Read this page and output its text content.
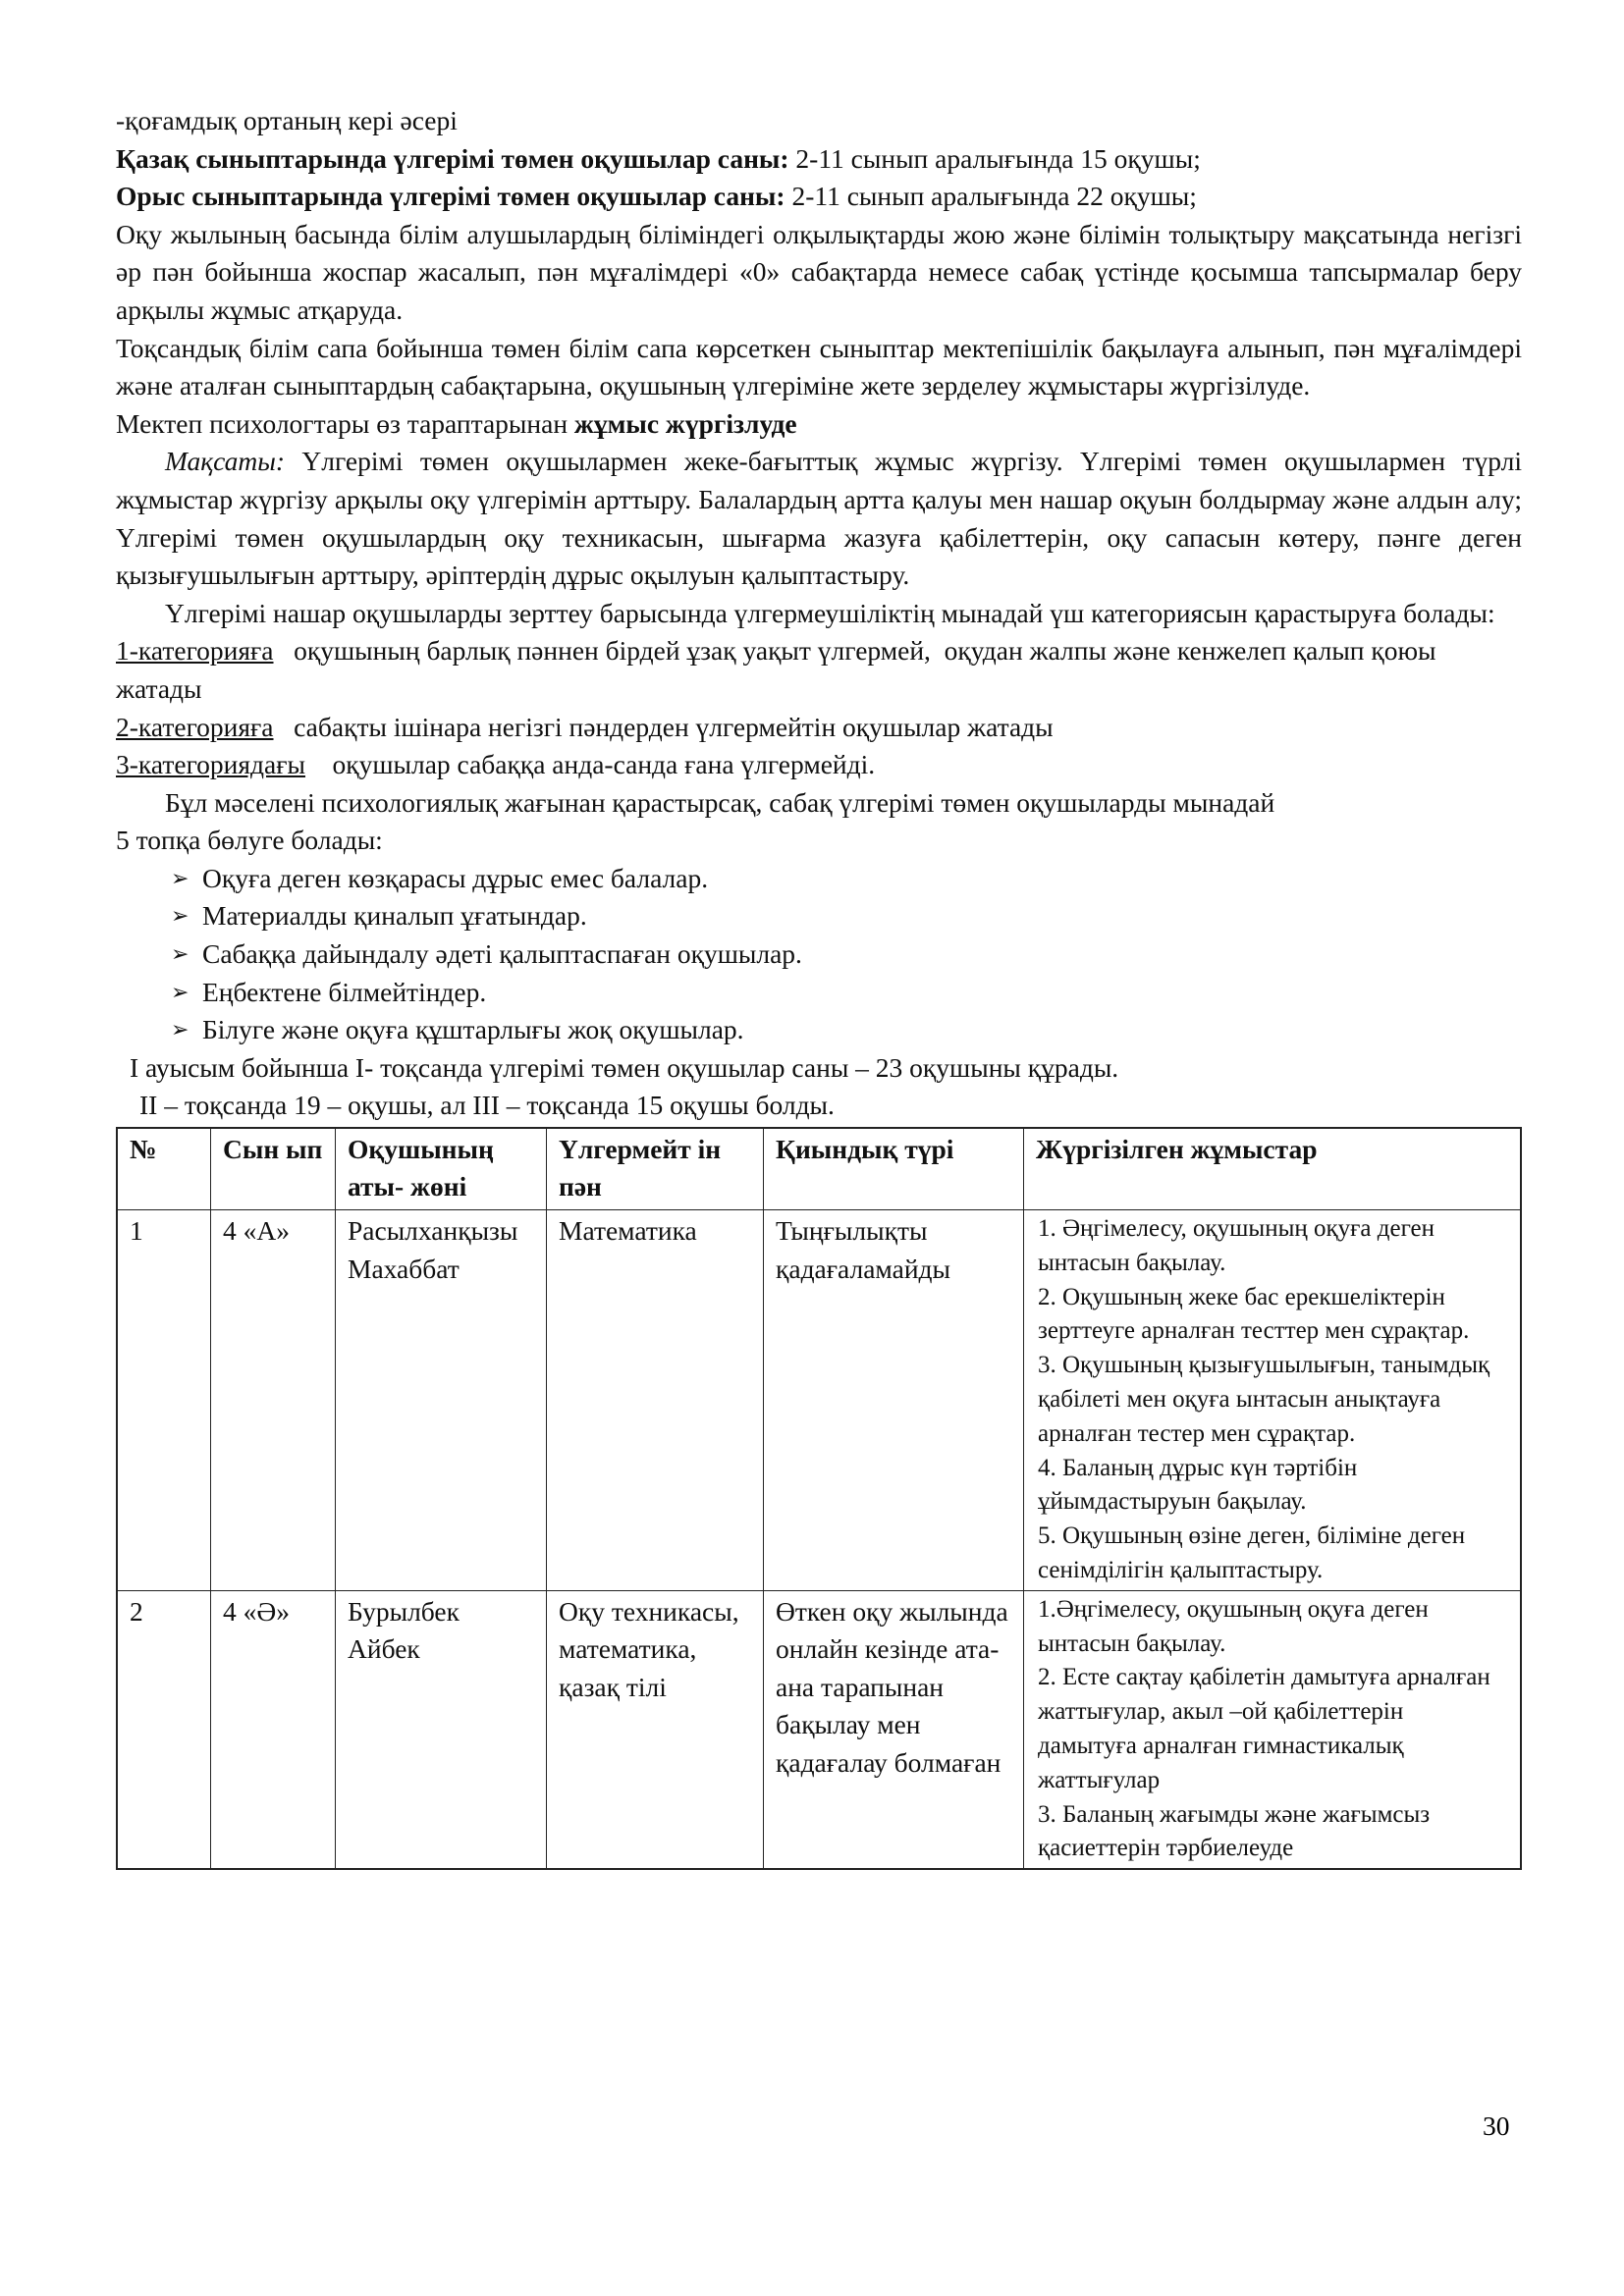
-қоғамдық ортаның кері әсері

Қазақ сыныптарында үлгерімі төмен оқушылар саны: 2-11 сынып аралығында 15 оқушы;

Орыс сыныптарында үлгерімі төмен оқушылар саны: 2-11 сынып аралығында 22 оқушы;

Оқу жылының басында білім алушылардың біліміндегі олқылықтарды жою және білімін толықтыру мақсатында негізгі әр пән бойынша жоспар жасалып, пән мұғалімдері «0» сабақтарда немесе сабақ үстінде қосымша тапсырмалар беру арқылы жұмыс атқаруда.

Тоқсандық білім сапа бойынша төмен білім сапа көрсеткен сыныптар мектепішілік бақылауға алынып, пән мұғалімдері және аталған сыныптардың сабақтарына, оқушының үлгеріміне жете зерделеу жұмыстары жүргізілуде.

Мектеп психологтары өз тараптарынан жұмыс жүргізлуде

Мақсаты: Үлгерімі төмен оқушылармен жеке-бағыттық жұмыс жүргізу. Үлгерімі төмен оқушылармен түрлі жұмыстар жүргізу арқылы оқу үлгерімін арттыру. Балалардың артта қалуы мен нашар оқуын болдырмау және алдын алу; Үлгерімі төмен оқушылардың оқу техникасын, шығарма жазуға қабілеттерін, оқу сапасын көтеру, пәнге деген қызығушылығын арттыру, әріптердің дұрыс оқылуын қалыптастыру.

Үлгерімі нашар оқушыларды зерттеу барысында үлгермеушіліктің мынадай үш категориясын қарастыруға болады:

1-категорияға   оқушының барлық пәннен бірдей ұзақ уақыт үлгермей,  оқудан жалпы және кенжелеп қалып қоюы жатады

2-категорияға   сабақты ішінара негізгі пәндерден үлгермейтін оқушылар жатады

3-категориядағы    оқушылар сабаққа анда-санда ғана үлгермейді.

Бұл мәселені психологиялық жағынан қарастырсақ, сабақ үлгерімі төмен оқушыларды мынадай

5 топқа бөлуге болады:

➢ Оқуға деген көзқарасы дұрыс емес балалар.
➢ Материалды қиналып ұғатындар.
➢ Сабаққа дайындалу әдеті қалыптаспаған оқушылар.
➢ Еңбектене білмейтіндер.
➢ Білуге және оқуға құштарлығы жоқ оқушылар.

І ауысым бойынша І- тоқсанда үлгерімі төмен оқушылар саны – 23 оқушыны құрады.

ІІ – тоқсанда 19 – оқушы, ал ІІІ – тоқсанда 15 оқушы болды.

№	Сын ып	Оқушының аты- жөні	Үлгермейт ін пән	Қиындық түрі	Жүргізілген жұмыстар
1	4 «А»	Расылханқызы Махаббат	Математика	Тыңғылықты қадағаламайды	1. Әңгімелесу, оқушының оқуға деген ынтасын бақылау.
2. Оқушының жеке бас ерекшеліктерін зерттеуге арналған тесттер мен сұрақтар.
3. Оқушының қызығушылығын, танымдық қабілеті мен оқуға ынтасын анықтауға арналған тестер мен сұрақтар.
4. Баланың дұрыс күн тәртібін ұйымдастыруын бақылау.
5. Оқушының өзіне деген, біліміне деген сенімділігін қалыптастыру.

2	4 «Ә»	Бурылбек Айбек	Оқу техникасы, математика, қазақ тілі	Өткен оқу жылында онлайн кезінде ата-ана тарапынан бақылау мен қадағалау болмаған	1.Әңгімелесу, оқушының оқуға деген ынтасын бақылау.
2. Есте сақтау қабілетін дамытуға арналған жаттығулар, акыл –ой қабілеттерін дамытуға арналған гимнастикалық жаттығулар
3. Баланың жағымды және жағымсыз қасиеттерін тәрбиелеуде
30
